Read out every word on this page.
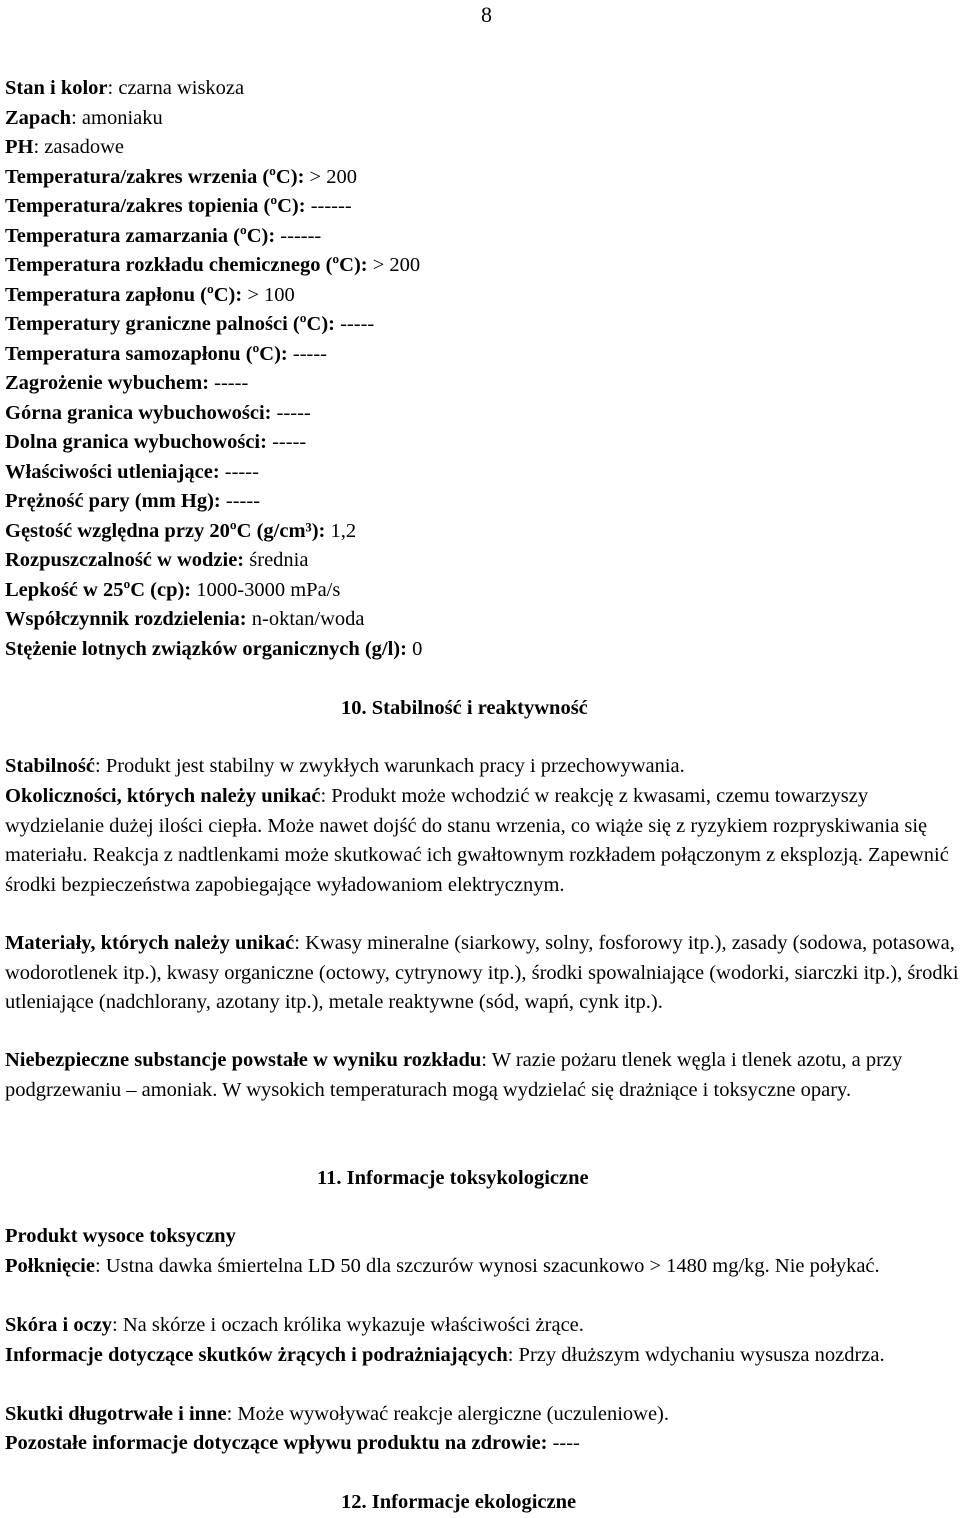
8
Stan i kolor: czarna wiskoza
Zapach: amoniaku
PH: zasadowe
Temperatura/zakres wrzenia (ºC): > 200
Temperatura/zakres topienia (ºC): ------
Temperatura zamarzania (ºC): ------
Temperatura rozkładu chemicznego (ºC): > 200
Temperatura zapłonu (ºC): > 100
Temperatury graniczne palności (ºC): -----
Temperatura samozapłonu (ºC): -----
Zagrożenie wybuchem: -----
Górna granica wybuchowości: -----
Dolna granica wybuchowości: -----
Właściwości utleniające: -----
Prężność pary (mm Hg): -----
Gęstość względna przy 20ºC (g/cm³): 1,2
Rozpuszczalność w wodzie: średnia
Lepkość w 25ºC (cp): 1000-3000 mPa/s
Współczynnik rozdzielenia: n-oktan/woda
Stężenie lotnych związków organicznych (g/l): 0
10. Stabilność i reaktywność
Stabilność: Produkt jest stabilny w zwykłych warunkach pracy i przechowywania.
Okoliczności, których należy unikać: Produkt może wchodzić w reakcję z kwasami, czemu towarzyszy wydzielanie dużej ilości ciepła. Może nawet dojść do stanu wrzenia, co wiąże się z ryzykiem rozpryskiwania się materiału. Reakcja z nadtlenkami może skutkować ich gwałtownym rozkładem połączonym z eksplozją. Zapewnić środki bezpieczeństwa zapobiegające wyładowaniom elektrycznym.
Materiały, których należy unikać: Kwasy mineralne (siarkowy, solny, fosforowy itp.), zasady (sodowa, potasowa, wodorotlenek itp.), kwasy organiczne (octowy, cytrynowy itp.), środki spowalniające (wodorki, siarczki itp.), środki utleniające (nadchlorany, azotany itp.), metale reaktywne (sód, wapń, cynk itp.).
Niebezpieczne substancje powstałe w wyniku rozkładu: W razie pożaru tlenek węgla i tlenek azotu, a przy podgrzewaniu – amoniak. W wysokich temperaturach mogą wydzielać się drażniące i toksyczne opary.
11. Informacje toksykologiczne
Produkt wysoce toksyczny
Połknięcie: Ustna dawka śmiertelna LD 50 dla szczurów wynosi szacunkowo > 1480 mg/kg. Nie połykać.
Skóra i oczy: Na skórze i oczach królika wykazuje właściwości żrące.
Informacje dotyczące skutków żrących i podrażniających: Przy dłuższym wdychaniu wysusza nozdrza.
Skutki długotrwałe i inne: Może wywoływać reakcje alergiczne (uczuleniowe).
Pozostałe informacje dotyczące wpływu produktu na zdrowie: ----
12. Informacje ekologiczne
